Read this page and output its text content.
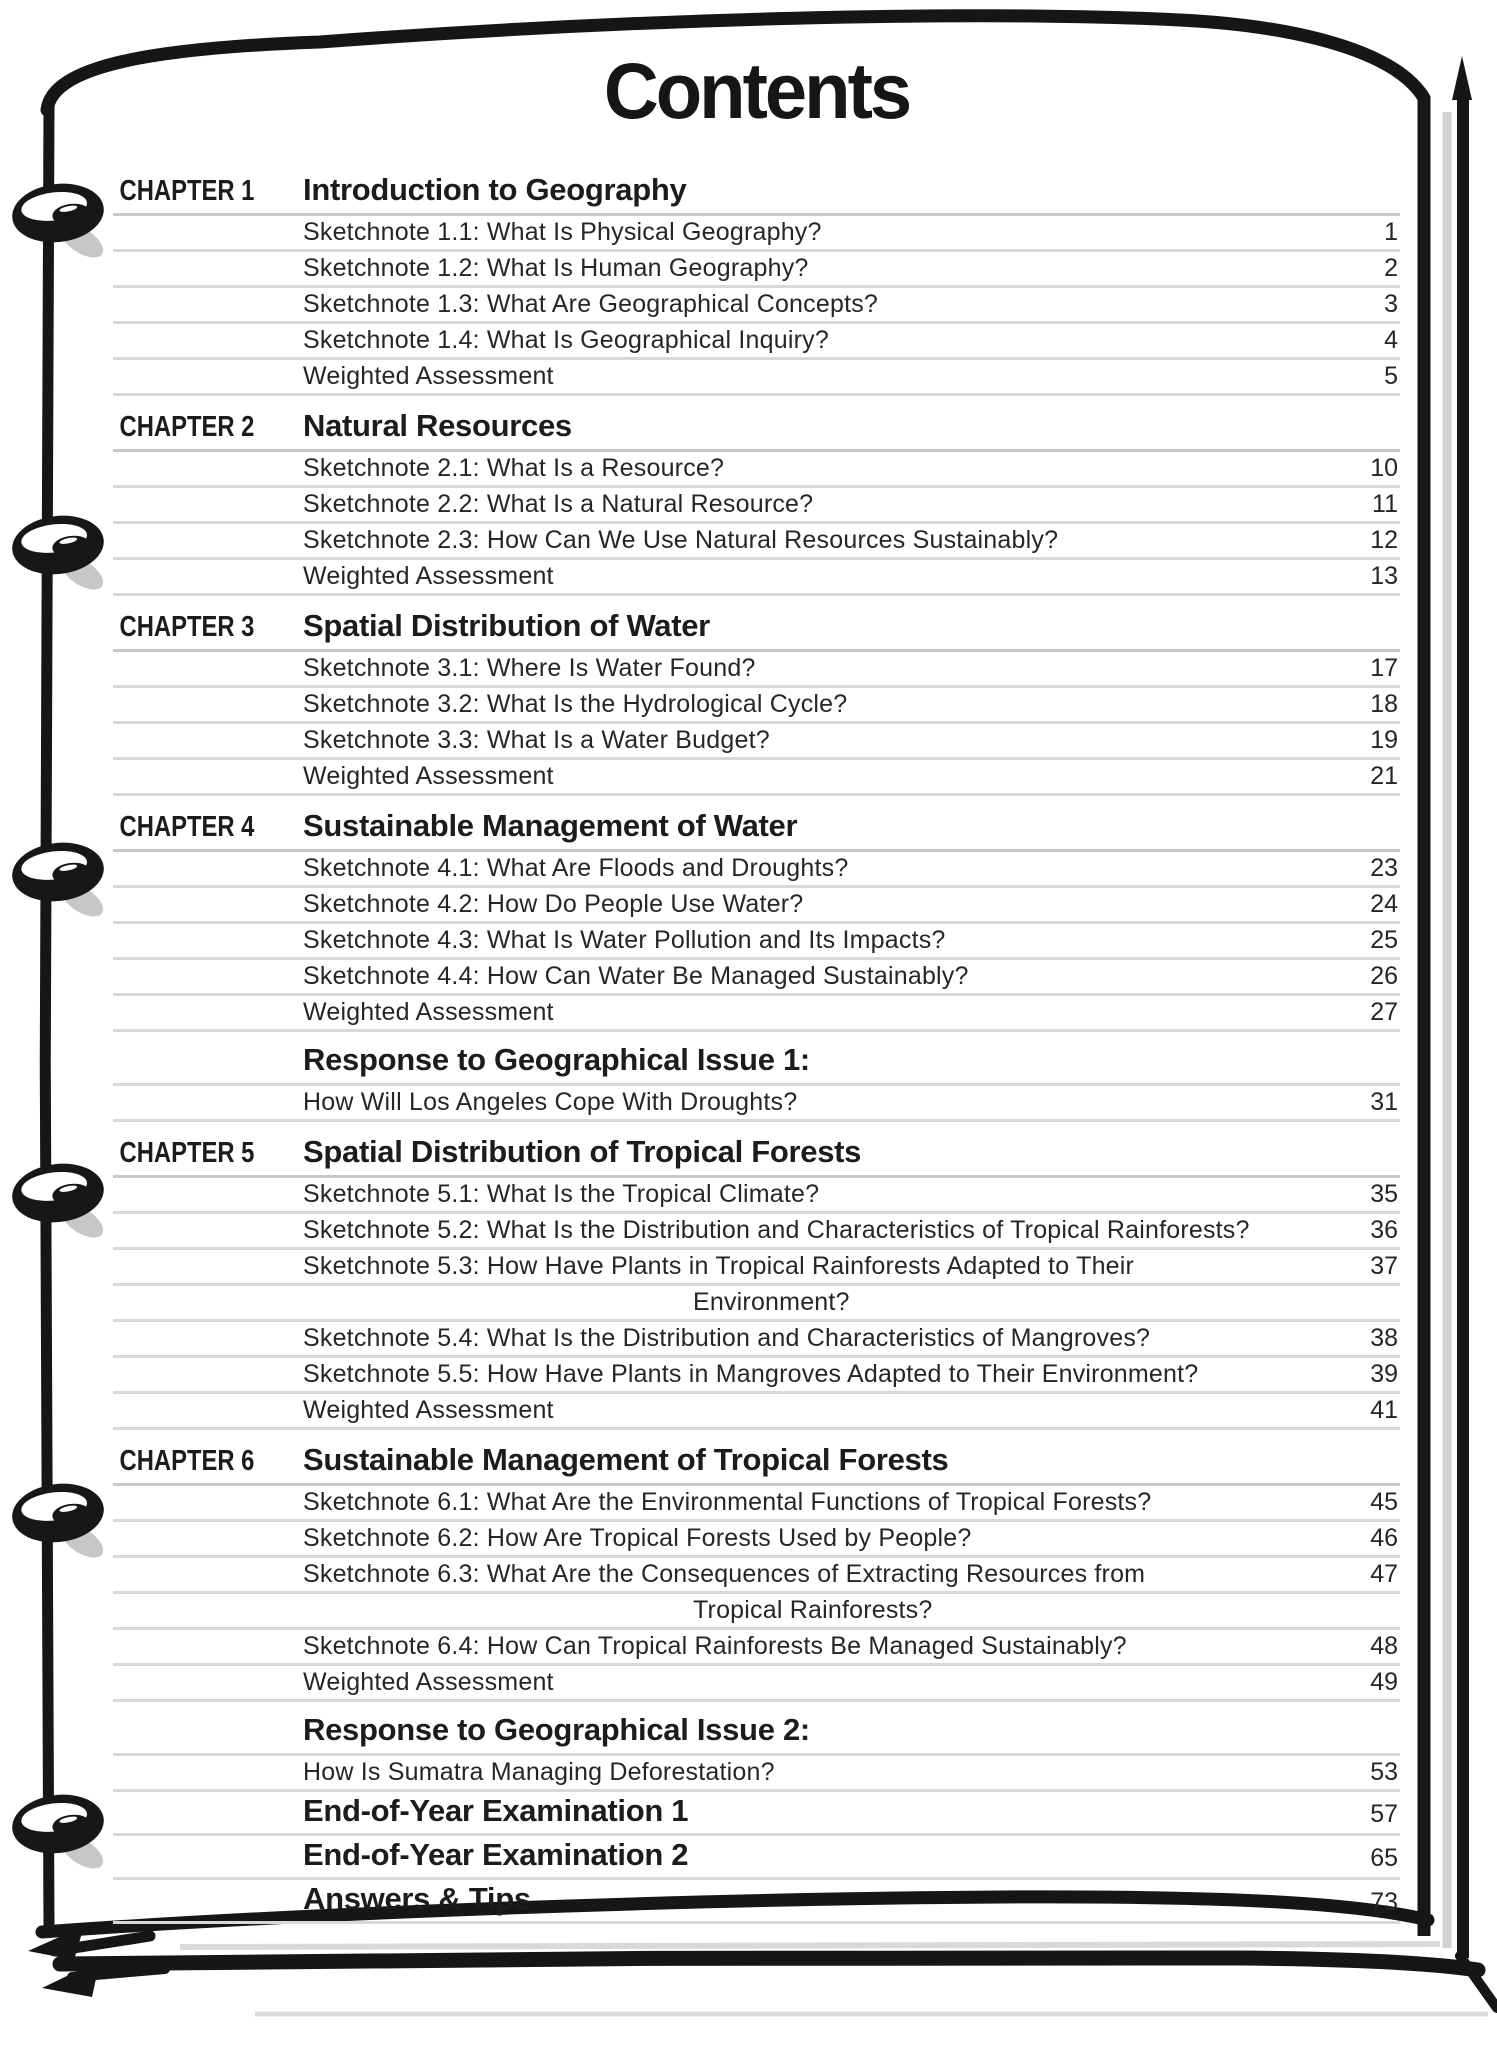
Contents
CHAPTER 1	Introduction to Geography
Sketchnote 1.1: What Is Physical Geography?	1
Sketchnote 1.2: What Is Human Geography?	2
Sketchnote 1.3: What Are Geographical Concepts?	3
Sketchnote 1.4: What Is Geographical Inquiry?	4
Weighted Assessment	5
CHAPTER 2	Natural Resources
Sketchnote 2.1: What Is a Resource?	10
Sketchnote 2.2: What Is a Natural Resource?	11
Sketchnote 2.3: How Can We Use Natural Resources Sustainably?	12
Weighted Assessment	13
CHAPTER 3	Spatial Distribution of Water
Sketchnote 3.1: Where Is Water Found?	17
Sketchnote 3.2: What Is the Hydrological Cycle?	18
Sketchnote 3.3: What Is a Water Budget?	19
Weighted Assessment	21
CHAPTER 4	Sustainable Management of Water
Sketchnote 4.1: What Are Floods and Droughts?	23
Sketchnote 4.2: How Do People Use Water?	24
Sketchnote 4.3: What Is Water Pollution and Its Impacts?	25
Sketchnote 4.4: How Can Water Be Managed Sustainably?	26
Weighted Assessment	27
Response to Geographical Issue 1:
How Will Los Angeles Cope With Droughts?	31
CHAPTER 5	Spatial Distribution of Tropical Forests
Sketchnote 5.1: What Is the Tropical Climate?	35
Sketchnote 5.2: What Is the Distribution and Characteristics of Tropical Rainforests?	36
Sketchnote 5.3: How Have Plants in Tropical Rainforests Adapted to Their	37
Environment?
Sketchnote 5.4: What Is the Distribution and Characteristics of Mangroves?	38
Sketchnote 5.5: How Have Plants in Mangroves Adapted to Their Environment?	39
Weighted Assessment	41
CHAPTER 6	Sustainable Management of Tropical Forests
Sketchnote 6.1: What Are the Environmental Functions of Tropical Forests?	45
Sketchnote 6.2: How Are Tropical Forests Used by People?	46
Sketchnote 6.3: What Are the Consequences of Extracting Resources from	47
Tropical Rainforests?
Sketchnote 6.4: How Can Tropical Rainforests Be Managed Sustainably?	48
Weighted Assessment	49
Response to Geographical Issue 2:
How Is Sumatra Managing Deforestation?	53
End-of-Year Examination 1	57
End-of-Year Examination 2	65
Answers & Tips	73
